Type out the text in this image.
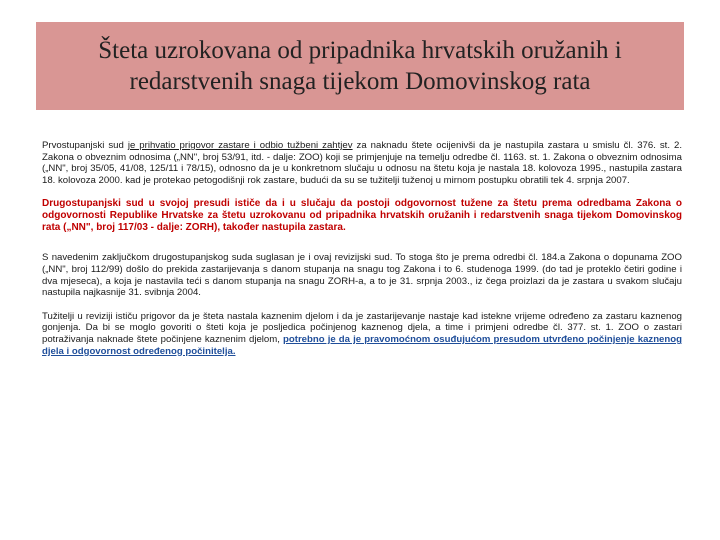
Šteta uzrokovana od pripadnika hrvatskih oružanih i redarstvenih snaga tijekom Domovinskog rata

Prvostupanjski sud je prihvatio prigovor zastare i odbio tužbeni zahtjev za naknadu štete ocijenivši da je nastupila zastara u smislu čl. 376. st. 2. Zakona o obveznim odnosima („NN", broj 53/91, itd. - dalje: ZOO) koji se primjenjuje na temelju odredbe čl. 1163. st. 1. Zakona o obveznim odnosima („NN", broj 35/05, 41/08, 125/11 i 78/15), odnosno da je u konkretnom slučaju u odnosu na štetu koja je nastala 18. kolovoza 1995., nastupila zastara 18. kolovoza 2000. kad je protekao petogodišnji rok zastare, budući da su se tužitelji tuženoj u mirnom postupku obratili tek 4. srpnja 2007.

Drugostupanjski sud u svojoj presudi ističe da i u slučaju da postoji odgovornost tužene za štetu prema odredbama Zakona o odgovornosti Republike Hrvatske za štetu uzrokovanu od pripadnika hrvatskih oružanih i redarstvenih snaga tijekom Domovinskog rata („NN", broj 117/03 - dalje: ZORH), također nastupila zastara.

S navedenim zaključkom drugostupanjskog suda suglasan je i ovaj revizijski sud. To stoga što je prema odredbi čl. 184.a Zakona o dopunama ZOO („NN", broj 112/99) došlo do prekida zastarijevanja s danom stupanja na snagu tog Zakona i to 6. studenoga 1999. (do tad je proteklo četiri godine i dva mjeseca), a koja je nastavila teći s danom stupanja na snagu ZORH-a, a to je 31. srpnja 2003., iz čega proizlazi da je zastara u svakom slučaju nastupila najkasnije 31. svibnja 2004.

Tužitelji u reviziji ističu prigovor da je šteta nastala kaznenim djelom i da je zastarijevanje nastaje kad istekne vrijeme određeno za zastaru kaznenog gonjenja. Da bi se moglo govoriti o šteti koja je posljedica počinjenog kaznenog djela, a time i primjeni odredbe čl. 377. st. 1. ZOO o zastari potraživanja naknade štete počinjene kaznenim djelom, potrebno je da je pravomoćnom osuđujućom presudom utvrđeno počinjenje kaznenog djela i odgovornost određenog počinitelja.
